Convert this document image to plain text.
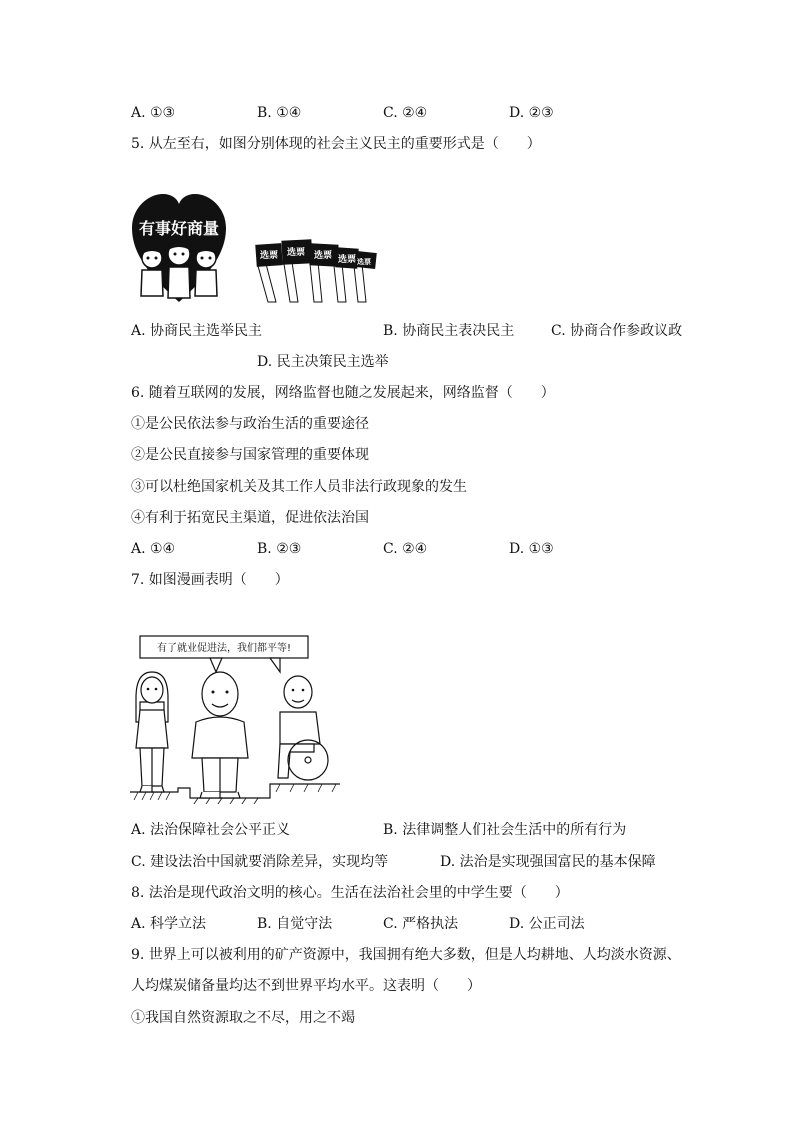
A. ①③	B. ①④	C. ②④	D. ②③
5. 从左至右，如图分别体现的社会主义民主的重要形式是（　　）
有事好商量
选票 选票 选票 选票 选票
A. 协商民主选举民主	B. 协商民主表决民主	C. 协商合作参政议政
D. 民主决策民主选举
6. 随着互联网的发展，网络监督也随之发展起来，网络监督（　　）
①是公民依法参与政治生活的重要途径
②是公民直接参与国家管理的重要体现
③可以杜绝国家机关及其工作人员非法行政现象的发生
④有利于拓宽民主渠道，促进依法治国
A. ①④	B. ②③	C. ②④	D. ①③
7. 如图漫画表明（　　）
有了就业促进法，我们都平等!
A. 法治保障社会公平正义	B. 法律调整人们社会生活中的所有行为
C. 建设法治中国就要消除差异，实现均等	D. 法治是实现强国富民的基本保障
8. 法治是现代政治文明的核心。生活在法治社会里的中学生要（　　）
A. 科学立法	B. 自觉守法	C. 严格执法	D. 公正司法
9. 世界上可以被利用的矿产资源中，我国拥有绝大多数，但是人均耕地、人均淡水资源、
人均煤炭储备量均达不到世界平均水平。这表明（　　）
①我国自然资源取之不尽，用之不竭
